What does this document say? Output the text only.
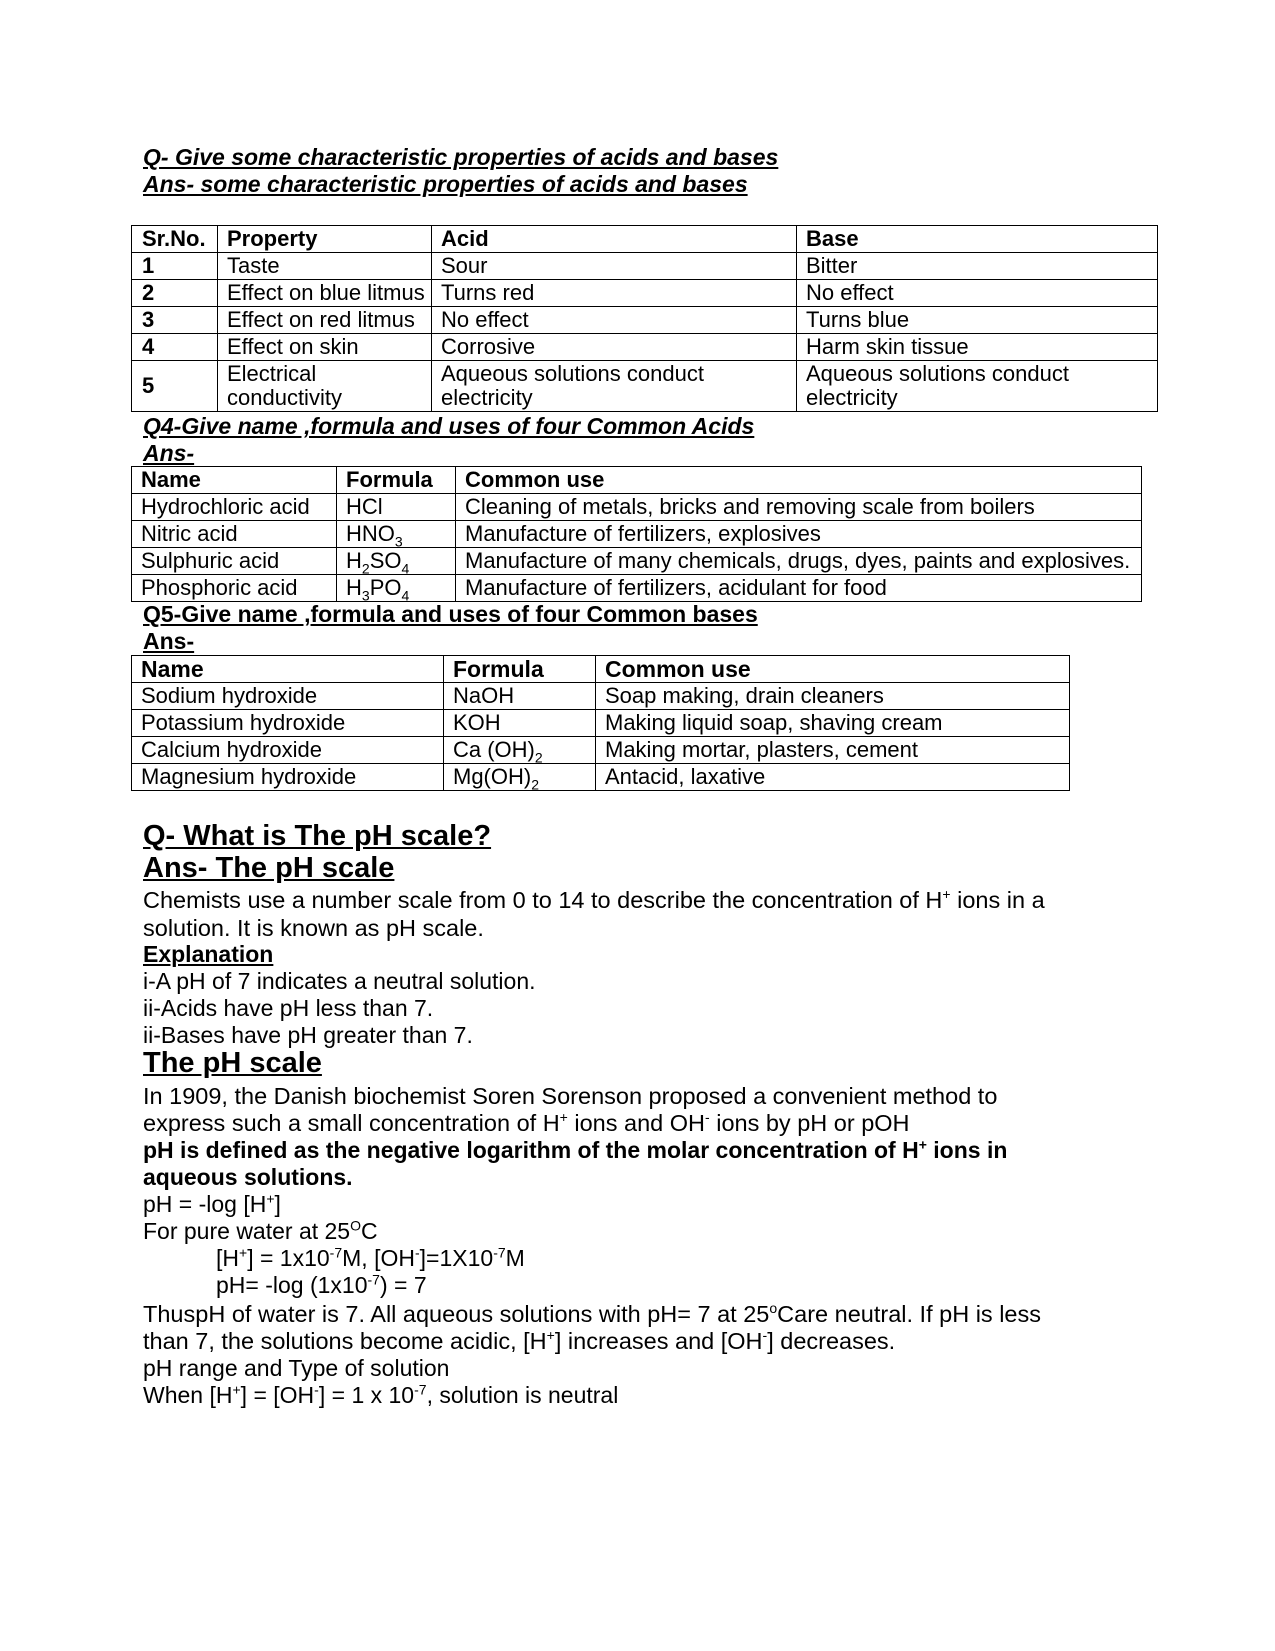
Q- Give some characteristic properties of acids and bases
Ans- some characteristic properties of acids and bases
Sr.No.	Property	Acid	Base
1	Taste	Sour	Bitter
2	Effect on blue litmus	Turns red	No effect
3	Effect on red litmus	No effect	Turns blue
4	Effect on skin	Corrosive	Harm skin tissue
5	Electrical conductivity	Aqueous solutions conduct electricity	Aqueous solutions conduct electricity
Q4-Give name ,formula and uses of four Common Acids
Ans-
Name	Formula	Common use
Hydrochloric acid	HCl	Cleaning of metals, bricks and removing scale from boilers
Nitric acid	$HNO_3$	Manufacture of fertilizers, explosives
Sulphuric acid	$H_2SO_4$	Manufacture of many chemicals, drugs, dyes, paints and explosives.
Phosphoric acid	$H_3PO_4$	Manufacture of fertilizers, acidulant for food
Q5-Give name ,formula and uses of four Common bases
Ans-
Name	Formula	Common use
Sodium hydroxide	NaOH	Soap making, drain cleaners
Potassium hydroxide	KOH	Making liquid soap, shaving cream
Calcium hydroxide	Ca $(OH)_2$	Making mortar, plasters, cement
Magnesium hydroxide	$Mg(OH)_2$	Antacid, laxative
Q- What is The pH scale?
Ans- The pH scale
Chemists use a number scale from 0 to 14 to describe the concentration of H+ ions in a
solution. It is known as pH scale.
Explanation
i-A pH of 7 indicates a neutral solution.
ii-Acids have pH less than 7.
ii-Bases have pH greater than 7.
The pH scale
In 1909, the Danish biochemist Soren Sorenson proposed a convenient method to
express such a small concentration of H+ ions and OH- ions by pH or pOH
pH is defined as the negative logarithm of the molar concentration of H+ ions in
aqueous solutions.
pH = -log [H+]
For pure water at $25^OC$
$[H^+] = 1x10^{-7}M$, $[OH^-]=1X10^{-7}M$
pH= -log $(1x10^{-7}) = 7$
ThuspH of water is 7. All aqueous solutions with pH= 7 at 25$^o$Care neutral. If pH is less
than 7, the solutions become acidic, [H+] increases and [OH-] decreases.
pH range and Type of solution
When [H+] = [OH-] = 1 x $10^{-7}$, solution is neutral
